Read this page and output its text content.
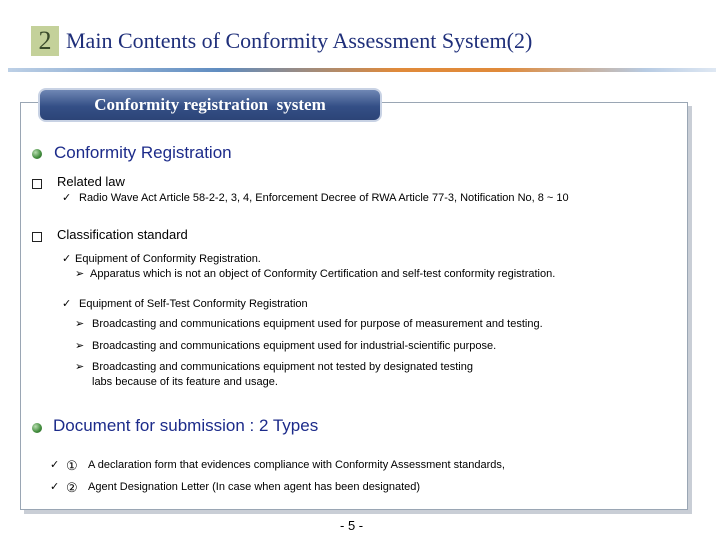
2 Main Contents of Conformity Assessment System(2)
Conformity registration  system
Conformity Registration
Related law
✓ Radio Wave Act Article 58-2-2, 3, 4, Enforcement Decree of RWA Article 77-3, Notification No, 8 ~ 10
Classification standard
✓ Equipment of Conformity Registration.
➢ Apparatus which is not an object of Conformity Certification and self-test conformity registration.
✓ Equipment of Self-Test Conformity Registration
➢ Broadcasting and communications equipment used for purpose of measurement and testing.
➢ Broadcasting and communications equipment used for industrial-scientific purpose.
➢ Broadcasting and communications equipment not tested by designated testing
labs because of its feature and usage.
Document for submission : 2 Types
✓ ① A declaration form that evidences compliance with Conformity Assessment standards,
✓ ② Agent Designation Letter (In case when agent has been designated)
- 5 -
